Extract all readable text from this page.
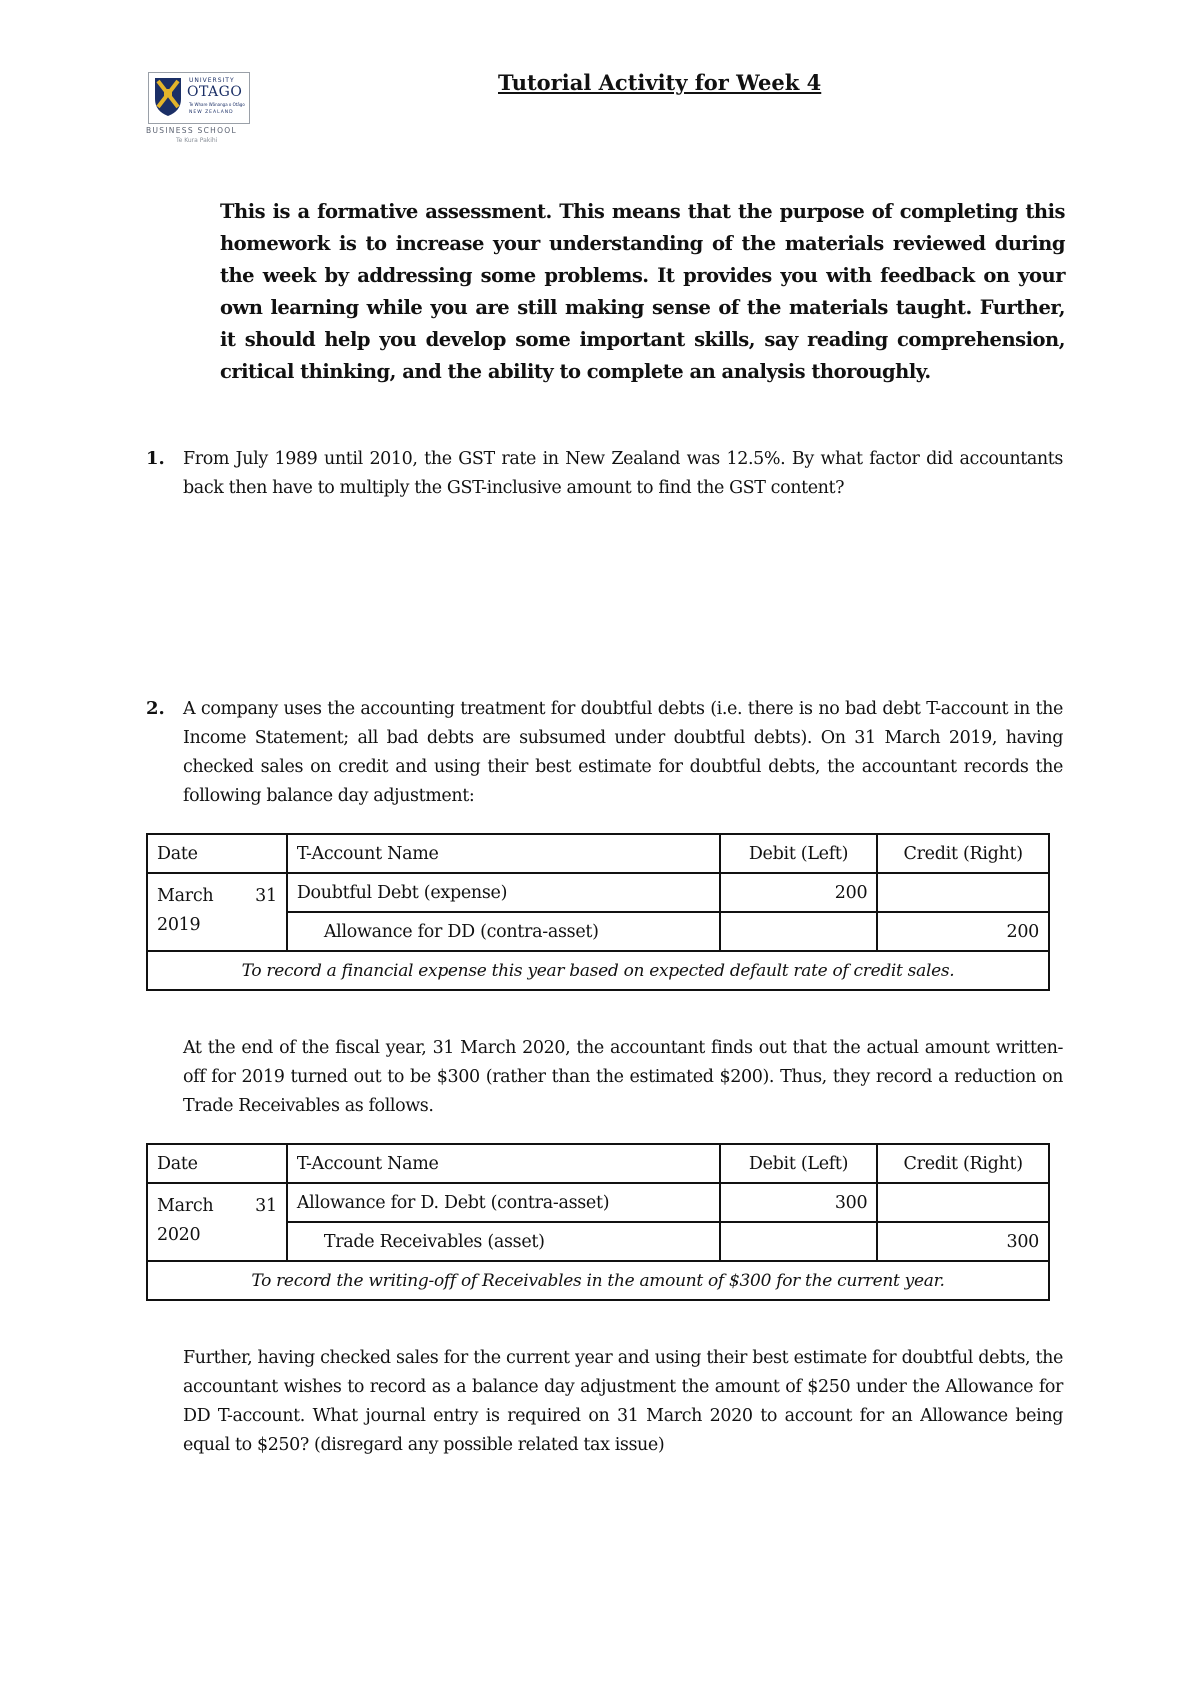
UNIVERSITY
OTAGO
Te Whare Wānanga o Otāgo
NEW ZEALAND
BUSINESS SCHOOL
Te Kura Pakihi
Tutorial Activity for Week 4
This is a formative assessment. This means that the purpose of completing this homework is to increase your understanding of the materials reviewed during the week by addressing some problems. It provides you with feedback on your own learning while you are still making sense of the materials taught. Further, it should help you develop some important skills, say reading comprehension, critical thinking, and the ability to complete an analysis thoroughly.
1. From July 1989 until 2010, the GST rate in New Zealand was 12.5%. By what factor did accountants back then have to multiply the GST-inclusive amount to find the GST content?
2. A company uses the accounting treatment for doubtful debts (i.e. there is no bad debt T-account in the Income Statement; all bad debts are subsumed under doubtful debts). On 31 March 2019, having checked sales on credit and using their best estimate for doubtful debts, the accountant records the following balance day adjustment:
Date	T-Account Name	Debit (Left)	Credit (Right)

March 31
2019	Doubtful Debt (expense)	200	
	Allowance for DD (contra-asset)		200
To record a financial expense this year based on expected default rate of credit sales.			
At the end of the fiscal year, 31 March 2020, the accountant finds out that the actual amount written-off for 2019 turned out to be $300 (rather than the estimated $200). Thus, they record a reduction on Trade Receivables as follows.
Date	T-Account Name	Debit (Left)	Credit (Right)

March 31
2020	Allowance for D. Debt (contra-asset)	300	
	Trade Receivables (asset)		300
To record the writing-off of Receivables in the amount of $300 for the current year.			
Further, having checked sales for the current year and using their best estimate for doubtful debts, the accountant wishes to record as a balance day adjustment the amount of $250 under the Allowance for DD T-account. What journal entry is required on 31 March 2020 to account for an Allowance being equal to $250? (disregard any possible related tax issue)
